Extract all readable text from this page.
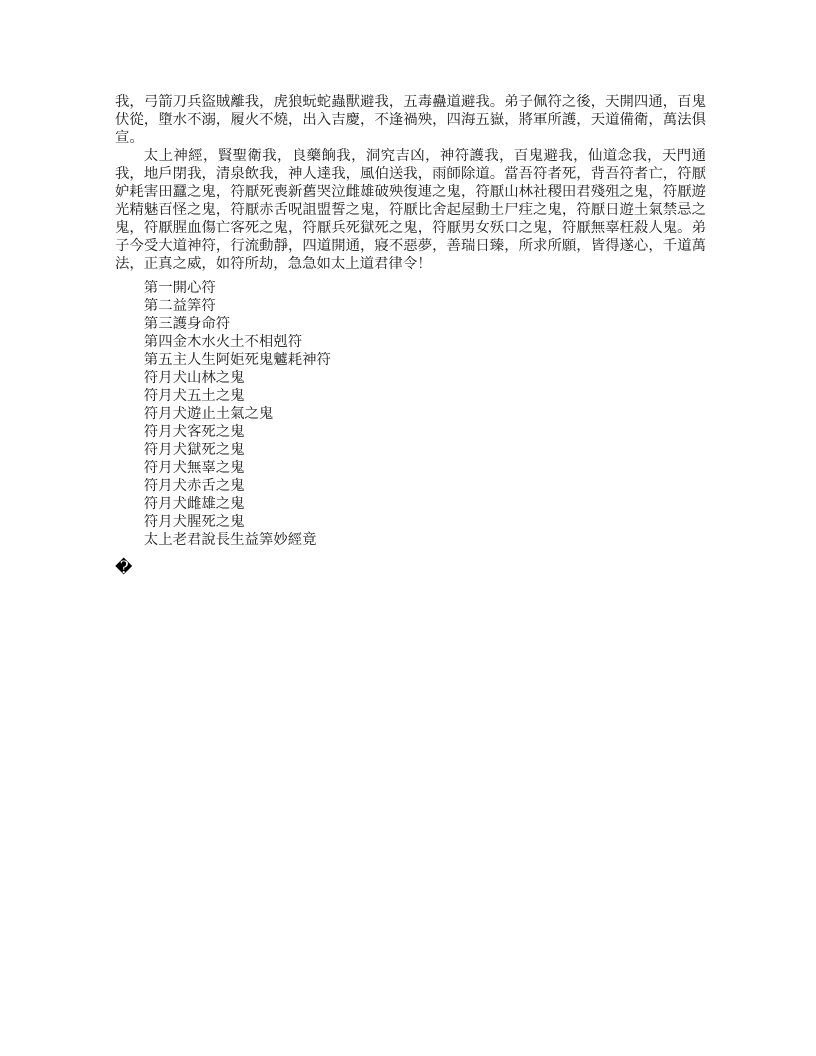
我，弓箭刀兵盜賊離我，虎狼蚖蛇蟲獸避我，五毒蠱道避我。弟子佩符之後，天開四通，百鬼伏從，墮水不溺，履火不燒，出入吉慶，不逢禍殃，四海五嶽，將軍所護，天道備衛，萬法俱宣。

太上神經，賢聖衛我，良藥餉我，洞究吉凶，神符護我，百鬼避我，仙道念我，天門通我，地戶閉我，清泉飲我，神人達我，風伯送我，雨師除道。當吾符者死，背吾符者亡，符厭妒耗害田蠶之鬼，符厭死喪新舊哭泣雌雄破殃復連之鬼，符厭山林社稷田君殘殂之鬼，符厭遊光精魅百怪之鬼，符厭赤舌呪詛盟誓之鬼，符厭比舍起屋動土尸疰之鬼，符厭日遊土氣禁忌之鬼，符厭腥血傷亡客死之鬼，符厭兵死獄死之鬼，符厭男女殀口之鬼，符厭無辜枉殺人鬼。弟子今受大道神符，行流動靜，四道開通，寢不惡夢，善瑞日臻，所求所願，皆得遂心，千道萬法，正真之威，如符所劫，急急如太上道君律令！

第一開心符
第二益筭符
第三護身命符
第四金木水火土不相剋符
第五主人生阿姖死鬼魖耗神符
符月犬山林之鬼
符月犬五土之鬼
符月犬遊止土氣之鬼
符月犬客死之鬼
符月犬獄死之鬼
符月犬無辜之鬼
符月犬赤舌之鬼
符月犬雌雄之鬼
符月犬腥死之鬼
太上老君說長生益筭妙經竟
�
